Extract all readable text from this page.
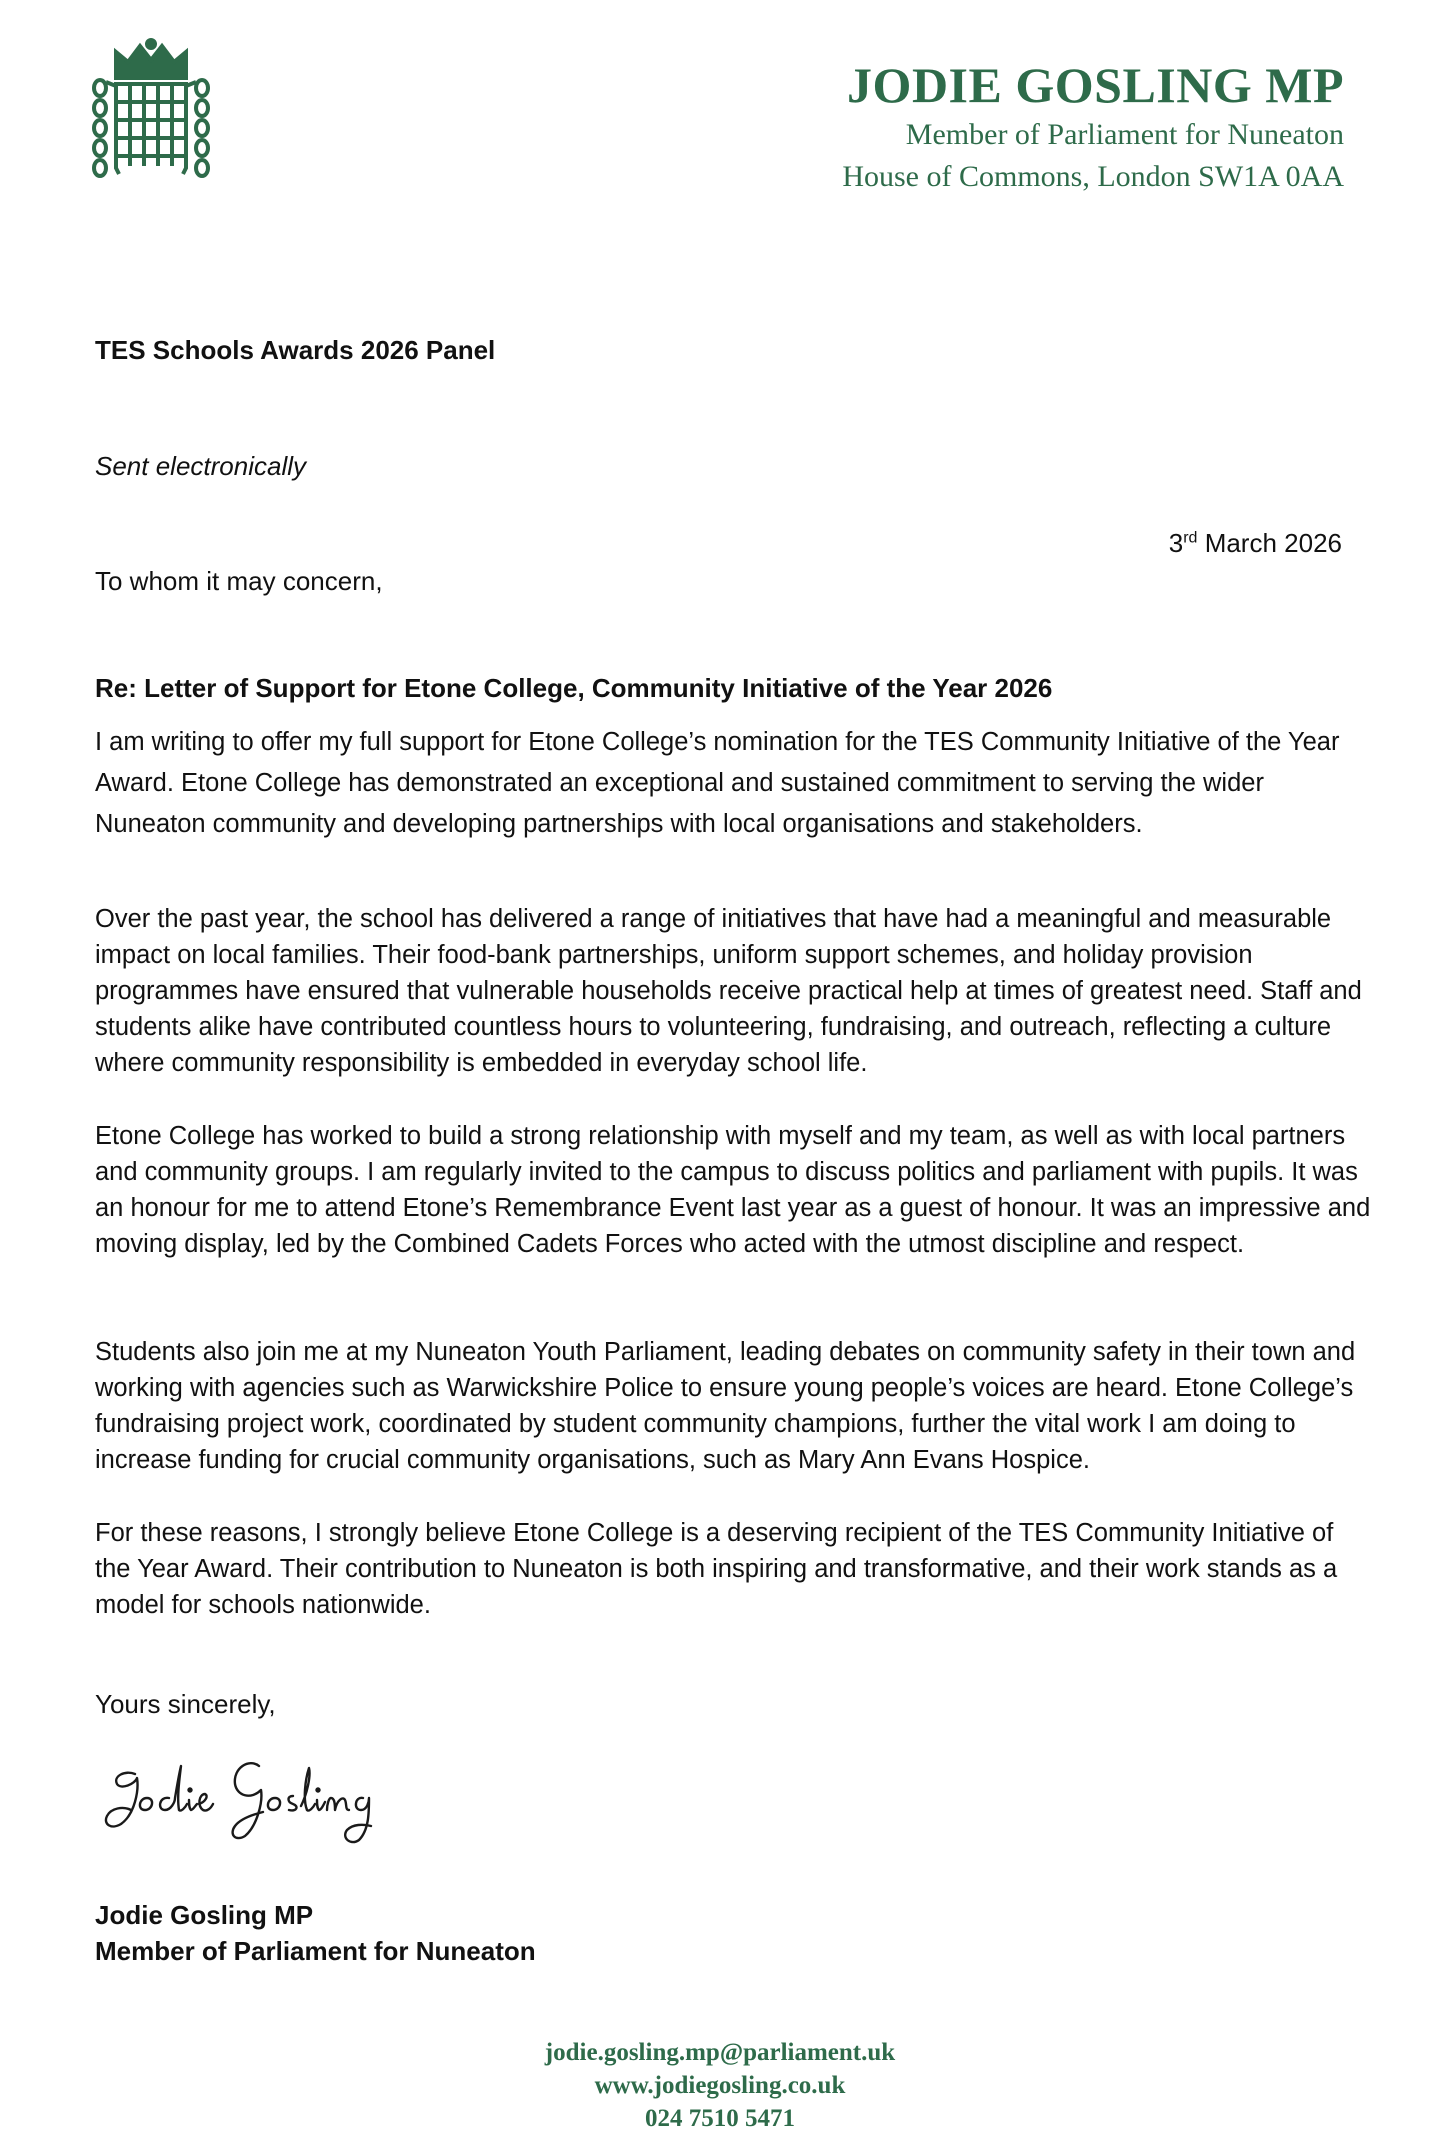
JODIE GOSLING MP
Member of Parliament for Nuneaton
House of Commons, London SW1A 0AA
TES Schools Awards 2026 Panel
Sent electronically
3rd March 2026
To whom it may concern,
Re: Letter of Support for Etone College, Community Initiative of the Year 2026

I am writing to offer my full support for Etone College’s nomination for the TES Community Initiative of the Year Award. Etone College has demonstrated an exceptional and sustained commitment to serving the wider Nuneaton community and developing partnerships with local organisations and stakeholders.

Over the past year, the school has delivered a range of initiatives that have had a meaningful and measurable impact on local families. Their food-bank partnerships, uniform support schemes, and holiday provision programmes have ensured that vulnerable households receive practical help at times of greatest need. Staff and students alike have contributed countless hours to volunteering, fundraising, and outreach, reflecting a culture where community responsibility is embedded in everyday school life.

Etone College has worked to build a strong relationship with myself and my team, as well as with local partners and community groups. I am regularly invited to the campus to discuss politics and parliament with pupils. It was an honour for me to attend Etone’s Remembrance Event last year as a guest of honour. It was an impressive and moving display, led by the Combined Cadets Forces who acted with the utmost discipline and respect.

Students also join me at my Nuneaton Youth Parliament, leading debates on community safety in their town and working with agencies such as Warwickshire Police to ensure young people’s voices are heard. Etone College’s fundraising project work, coordinated by student community champions, further the vital work I am doing to increase funding for crucial community organisations, such as Mary Ann Evans Hospice.

For these reasons, I strongly believe Etone College is a deserving recipient of the TES Community Initiative of the Year Award. Their contribution to Nuneaton is both inspiring and transformative, and their work stands as a model for schools nationwide.

Yours sincerely,
Jodie Gosling
Jodie Gosling MP
Member of Parliament for Nuneaton
jodie.gosling.mp@parliament.uk
www.jodiegosling.co.uk
024 7510 5471
